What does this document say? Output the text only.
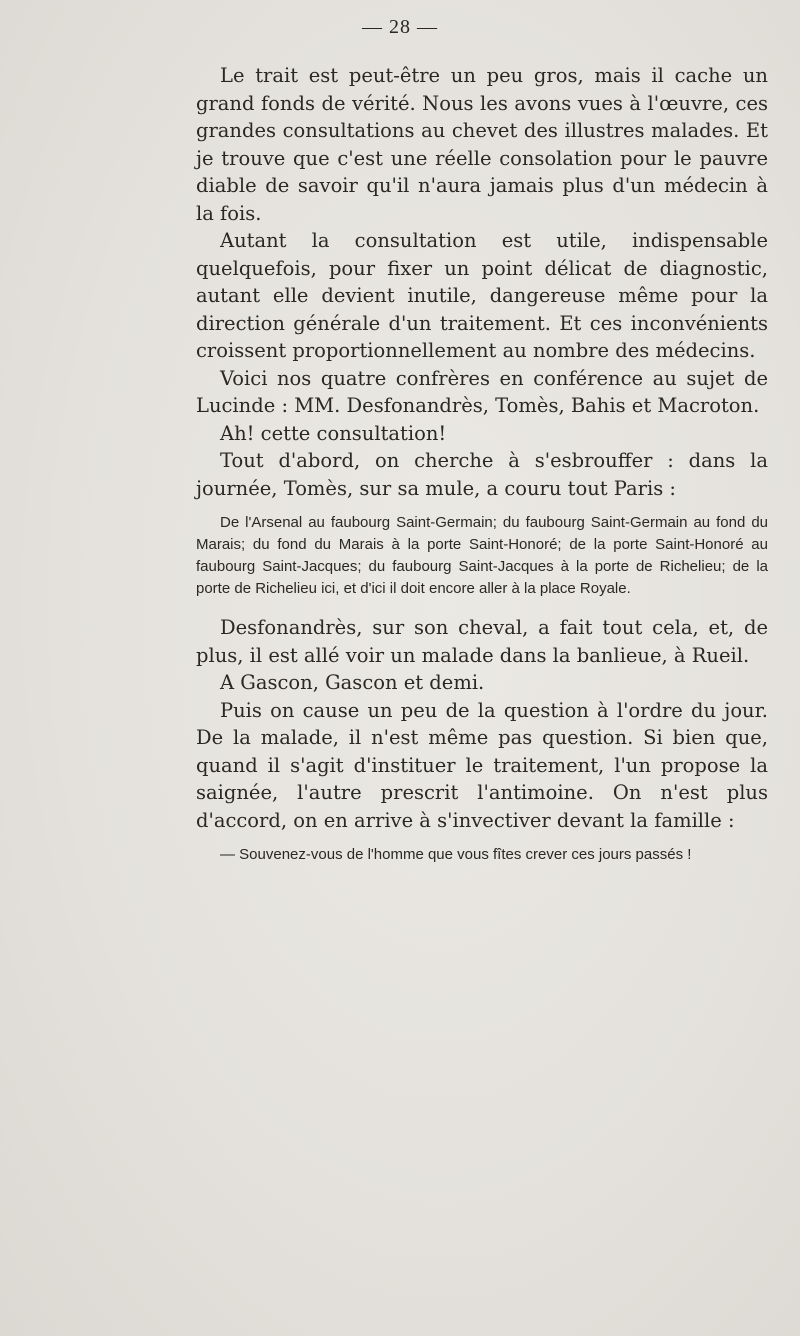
— 28 —

Le trait est peut-être un peu gros, mais il cache un grand fonds de vérité. Nous les avons vues à l'œuvre, ces grandes consultations au chevet des illustres malades. Et je trouve que c'est une réelle consolation pour le pauvre diable de savoir qu'il n'aura jamais plus d'un médecin à la fois.

Autant la consultation est utile, indispensable quelquefois, pour fixer un point délicat de diagnostic, autant elle devient inutile, dangereuse même pour la direction générale d'un traitement. Et ces inconvénients croissent proportionnellement au nombre des médecins.

Voici nos quatre confrères en conférence au sujet de Lucinde : MM. Desfonandrès, Tomès, Bahis et Macroton.

Ah! cette consultation!

Tout d'abord, on cherche à s'esbrouffer : dans la journée, Tomès, sur sa mule, a couru tout Paris :

De l'Arsenal au faubourg Saint-Germain; du faubourg Saint-Germain au fond du Marais; du fond du Marais à la porte Saint-Honoré; de la porte Saint-Honoré au faubourg Saint-Jacques; du faubourg Saint-Jacques à la porte de Richelieu; de la porte de Richelieu ici, et d'ici il doit encore aller à la place Royale.

Desfonandrès, sur son cheval, a fait tout cela, et, de plus, il est allé voir un malade dans la banlieue, à Rueil.

A Gascon, Gascon et demi.

Puis on cause un peu de la question à l'ordre du jour. De la malade, il n'est même pas question. Si bien que, quand il s'agit d'instituer le traitement, l'un propose la saignée, l'autre prescrit l'antimoine. On n'est plus d'accord, on en arrive à s'invectiver devant la famille :

— Souvenez-vous de l'homme que vous fîtes crever ces jours passés !
